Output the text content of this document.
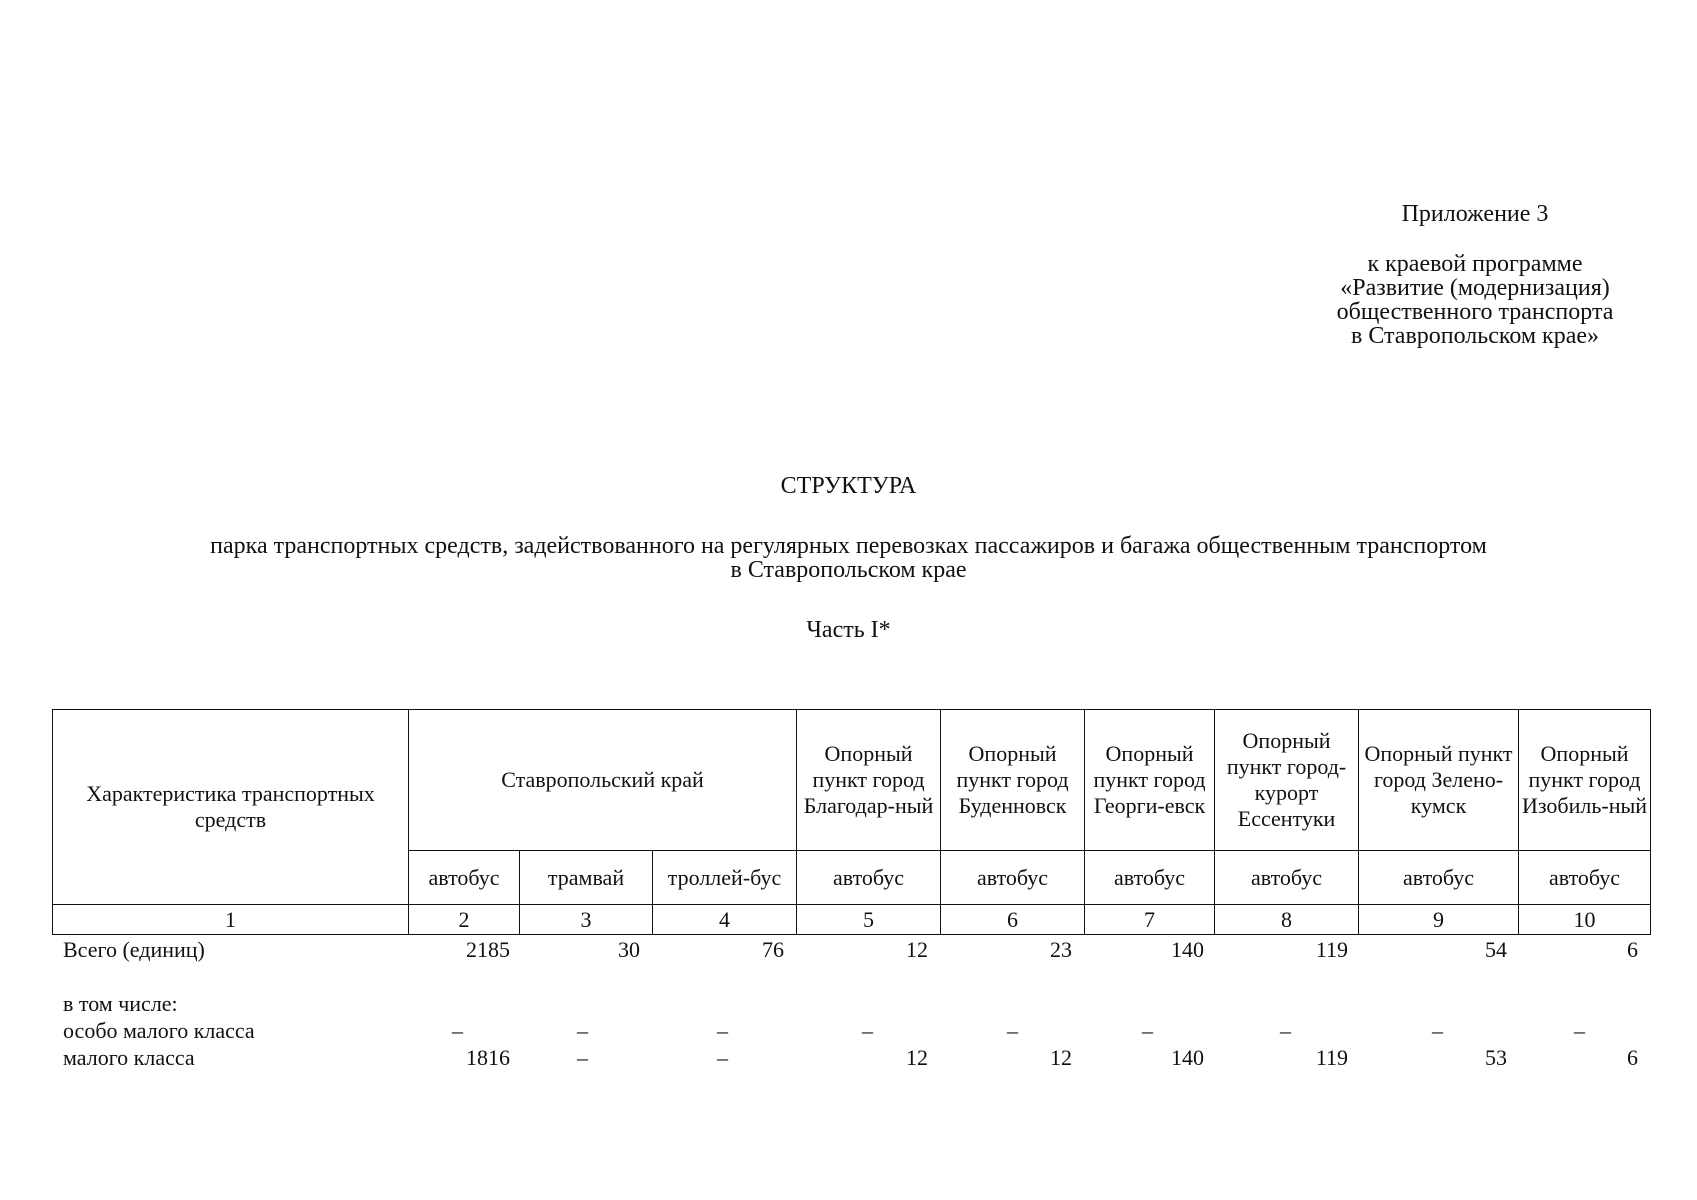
Приложение 3
к краевой программе
«Развитие (модернизация)
общественного транспорта
в Ставропольском крае»
СТРУКТУРА
парка транспортных средств, задействованного на регулярных перевозках пассажиров и багажа общественным транспортом
в Ставропольском крае
Часть I*
Характеристика транспортных средств	Ставропольский край			Опорный пункт город Благодар-ный	Опорный пункт город Буденновск	Опорный пункт город Георги-евск	Опорный пункт город-курорт Ессентуки	Опорный пункт город Зелено-кумск	Опорный пункт город Изобиль-ный
	автобус	трамвай	троллей-бус	автобус	автобус	автобус	автобус	автобус	автобус
1	2	3	4	5	6	7	8	9	10
Всего (единиц)	2185	30	76	12	23	140	119	54	6
в том числе:
особо малого класса	–	–	–	–	–	–	–	–	–
малого класса	1816	–	–	12	12	140	119	53	6
